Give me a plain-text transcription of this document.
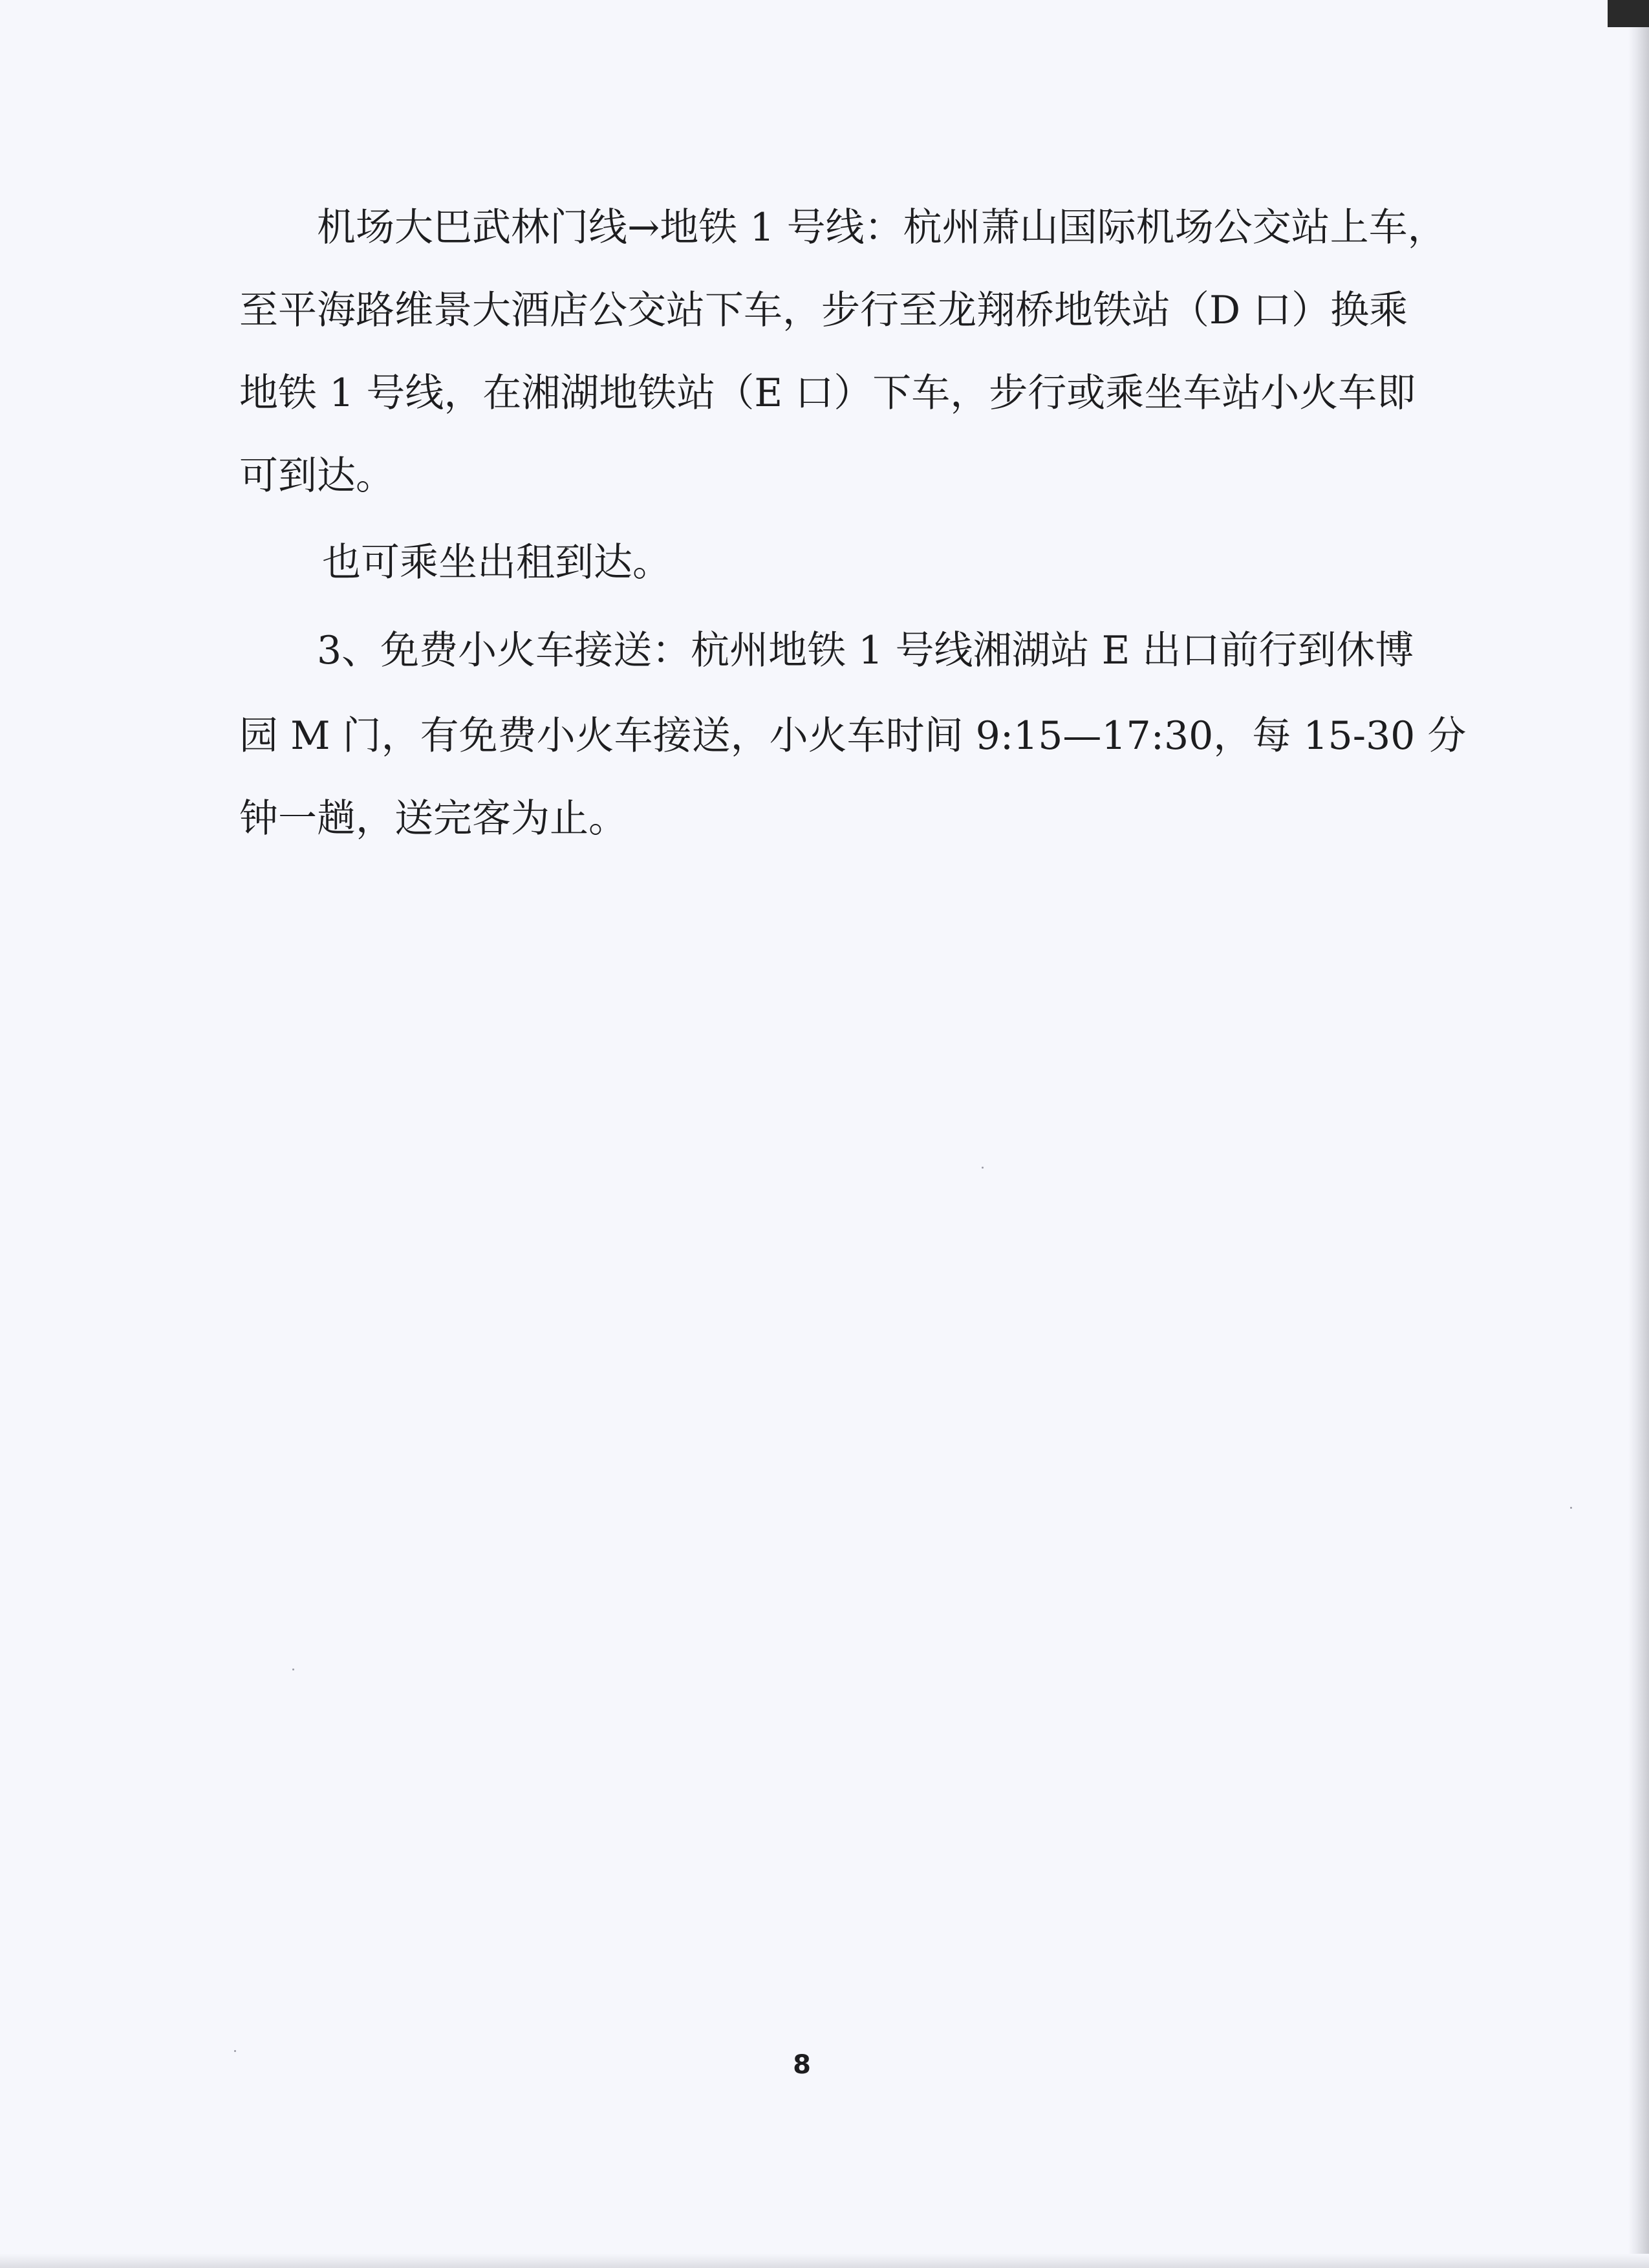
机场大巴武林门线→地铁 1 号线：杭州萧山国际机场公交站上车，

至平海路维景大酒店公交站下车，步行至龙翔桥地铁站（D 口）换乘

地铁 1 号线，在湘湖地铁站（E 口）下车，步行或乘坐车站小火车即

可到达。

也可乘坐出租到达。

3、免费小火车接送：杭州地铁 1 号线湘湖站 E 出口前行到休博

园 M 门，有免费小火车接送，小火车时间 9:15—17:30，每 15-30 分

钟一趟，送完客为止。

8
